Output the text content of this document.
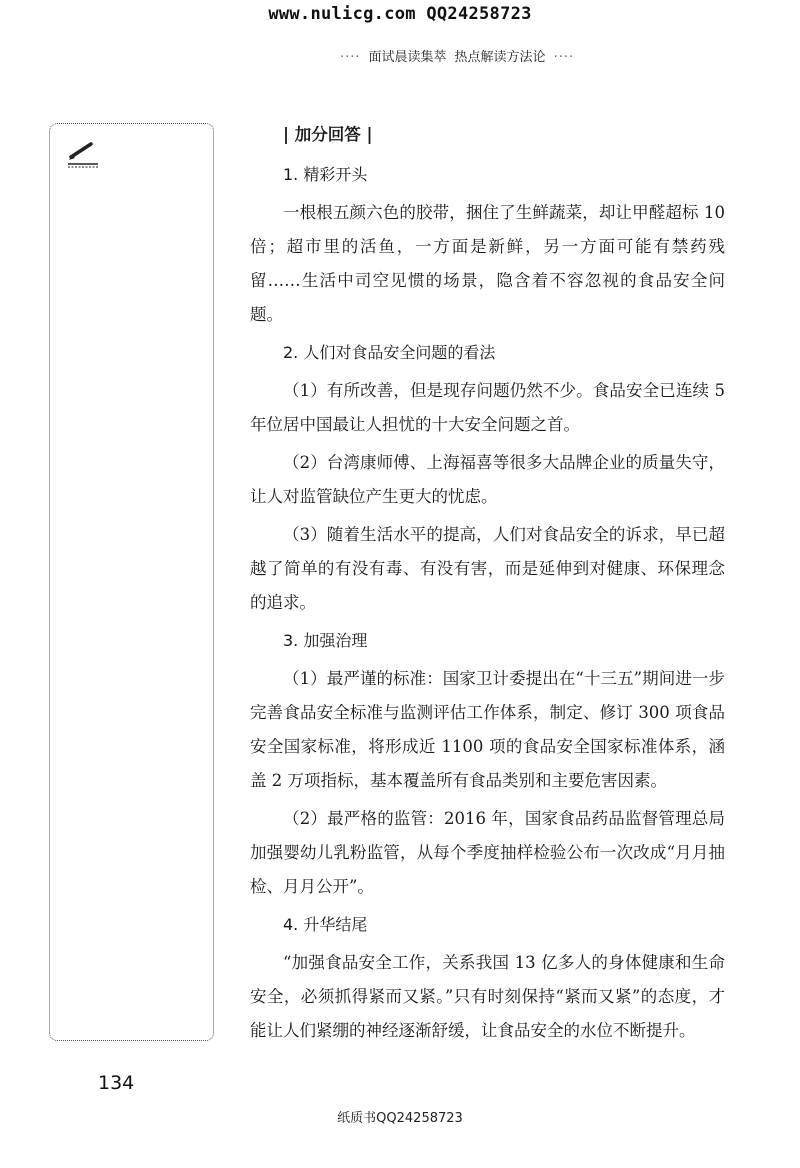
www.nulicg.com QQ24258723
···· 面试晨读集萃 热点解读方法论 ····
| 加分回答 |
1. 精彩开头

一根根五颜六色的胶带，捆住了生鲜蔬菜，却让甲醛超标 10 倍；超市里的活鱼，一方面是新鲜，另一方面可能有禁药残留……生活中司空见惯的场景，隐含着不容忽视的食品安全问题。

2. 人们对食品安全问题的看法

（1）有所改善，但是现存问题仍然不少。食品安全已连续 5 年位居中国最让人担忧的十大安全问题之首。

（2）台湾康师傅、上海福喜等很多大品牌企业的质量失守，让人对监管缺位产生更大的忧虑。

（3）随着生活水平的提高，人们对食品安全的诉求，早已超越了简单的有没有毒、有没有害，而是延伸到对健康、环保理念的追求。

3. 加强治理

（1）最严谨的标准：国家卫计委提出在“十三五”期间进一步完善食品安全标准与监测评估工作体系，制定、修订 300 项食品安全国家标准，将形成近 1100 项的食品安全国家标准体系，涵盖 2 万项指标，基本覆盖所有食品类别和主要危害因素。

（2）最严格的监管：2016 年，国家食品药品监督管理总局加强婴幼儿乳粉监管，从每个季度抽样检验公布一次改成“月月抽检、月月公开”。

4. 升华结尾

“加强食品安全工作，关系我国 13 亿多人的身体健康和生命安全，必须抓得紧而又紧。”只有时刻保持“紧而又紧”的态度，才能让人们紧绷的神经逐渐舒缓，让食品安全的水位不断提升。

134
纸质书QQ24258723
